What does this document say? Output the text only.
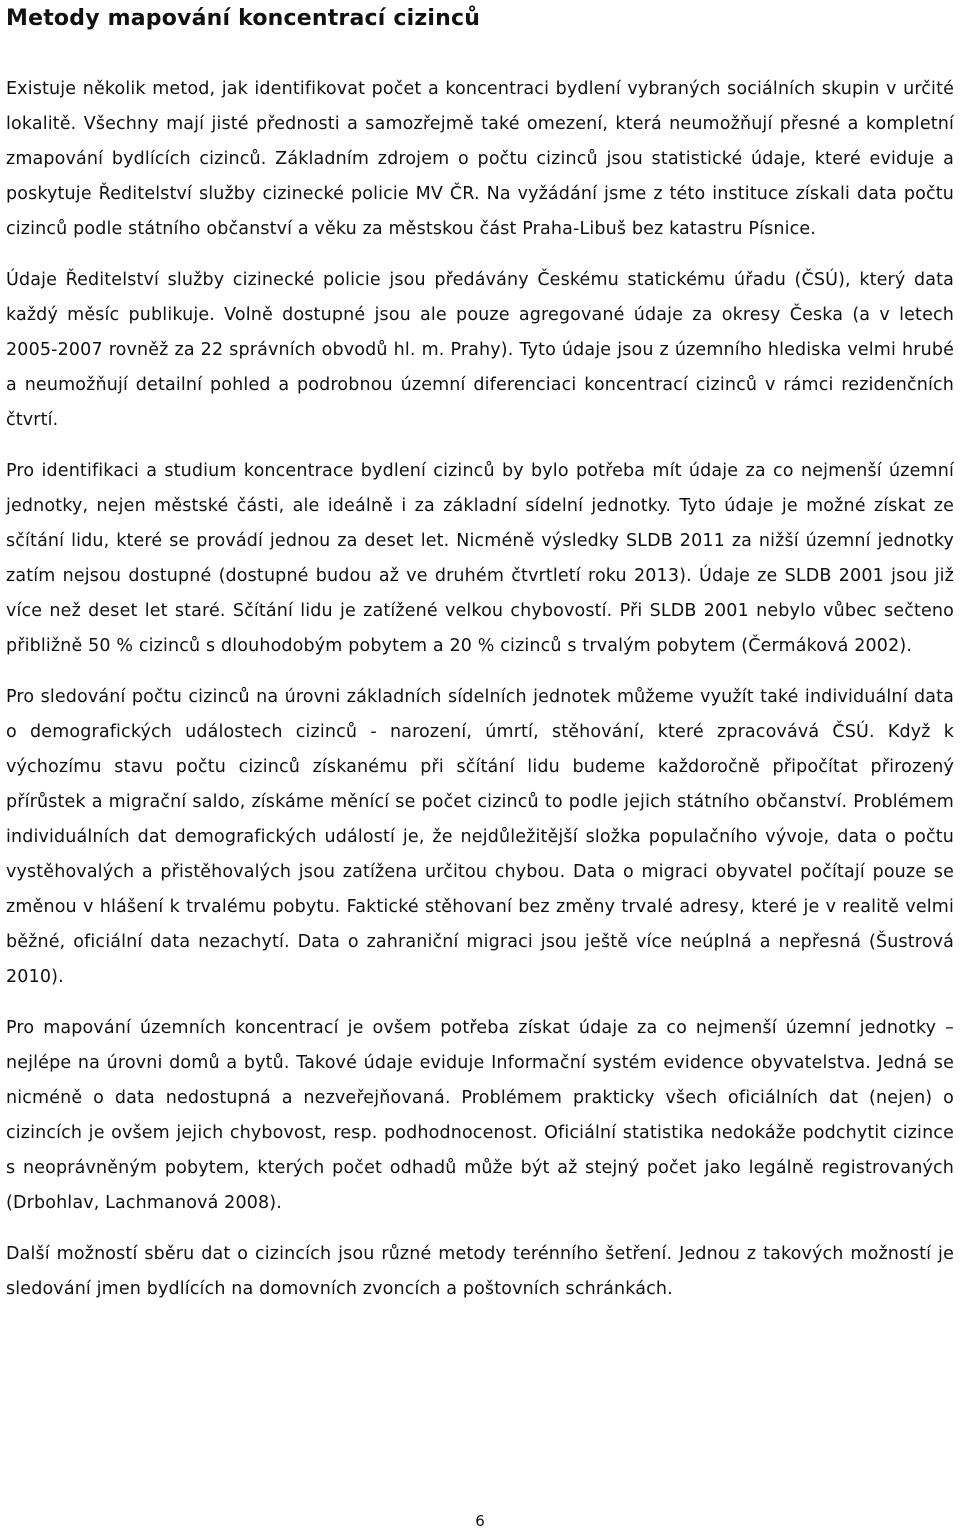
Metody mapování koncentrací cizinců

Existuje několik metod, jak identifikovat počet a koncentraci bydlení vybraných sociálních skupin v určité lokalitě. Všechny mají jisté přednosti a samozřejmě také omezení, která neumožňují přesné a kompletní zmapování bydlících cizinců. Základním zdrojem o počtu cizinců jsou statistické údaje, které eviduje a poskytuje Ředitelství služby cizinecké policie MV ČR. Na vyžádání jsme z této instituce získali data počtu cizinců podle státního občanství a věku za městskou část Praha-Libuš bez katastru Písnice.

Údaje Ředitelství služby cizinecké policie jsou předávány Českému statickému úřadu (ČSÚ), který data každý měsíc publikuje. Volně dostupné jsou ale pouze agregované údaje za okresy Česka (a v letech 2005-2007 rovněž za 22 správních obvodů hl. m. Prahy). Tyto údaje jsou z územního hlediska velmi hrubé a neumožňují detailní pohled a podrobnou územní diferenciaci koncentrací cizinců v rámci rezidenčních čtvrtí.

Pro identifikaci a studium koncentrace bydlení cizinců by bylo potřeba mít údaje za co nejmenší územní jednotky, nejen městské části, ale ideálně i za základní sídelní jednotky. Tyto údaje je možné získat ze sčítání lidu, které se provádí jednou za deset let. Nicméně výsledky SLDB 2011 za nižší územní jednotky zatím nejsou dostupné (dostupné budou až ve druhém čtvrtletí roku 2013). Údaje ze SLDB 2001 jsou již více než deset let staré. Sčítání lidu je zatížené velkou chybovostí. Při SLDB 2001 nebylo vůbec sečteno přibližně 50 % cizinců s dlouhodobým pobytem a 20 % cizinců s trvalým pobytem (Čermáková 2002).

Pro sledování počtu cizinců na úrovni základních sídelních jednotek můžeme využít také individuální data o demografických událostech cizinců - narození, úmrtí, stěhování, které zpracovává ČSÚ. Když k výchozímu stavu počtu cizinců získanému při sčítání lidu budeme každoročně připočítat přirozený přírůstek a migrační saldo, získáme měnící se počet cizinců to podle jejich státního občanství. Problémem individuálních dat demografických událostí je, že nejdůležitější složka populačního vývoje, data o počtu vystěhovalých a přistěhovalých jsou zatížena určitou chybou. Data o migraci obyvatel počítají pouze se změnou v hlášení k trvalému pobytu. Faktické stěhovaní bez změny trvalé adresy, které je v realitě velmi běžné, oficiální data nezachytí. Data o zahraniční migraci jsou ještě více neúplná a nepřesná (Šustrová 2010).

Pro mapování územních koncentrací je ovšem potřeba získat údaje za co nejmenší územní jednotky – nejlépe na úrovni domů a bytů. Takové údaje eviduje Informační systém evidence obyvatelstva. Jedná se nicméně o data nedostupná a nezveřejňovaná. Problémem prakticky všech oficiálních dat (nejen) o cizincích je ovšem jejich chybovost, resp. podhodnocenost. Oficiální statistika nedokáže podchytit cizince s neoprávněným pobytem, kterých počet odhadů může být až stejný počet jako legálně registrovaných (Drbohlav, Lachmanová 2008).

Další možností sběru dat o cizincích jsou různé metody terénního šetření. Jednou z takových možností je sledování jmen bydlících na domovních zvoncích a poštovních schránkách.

6
